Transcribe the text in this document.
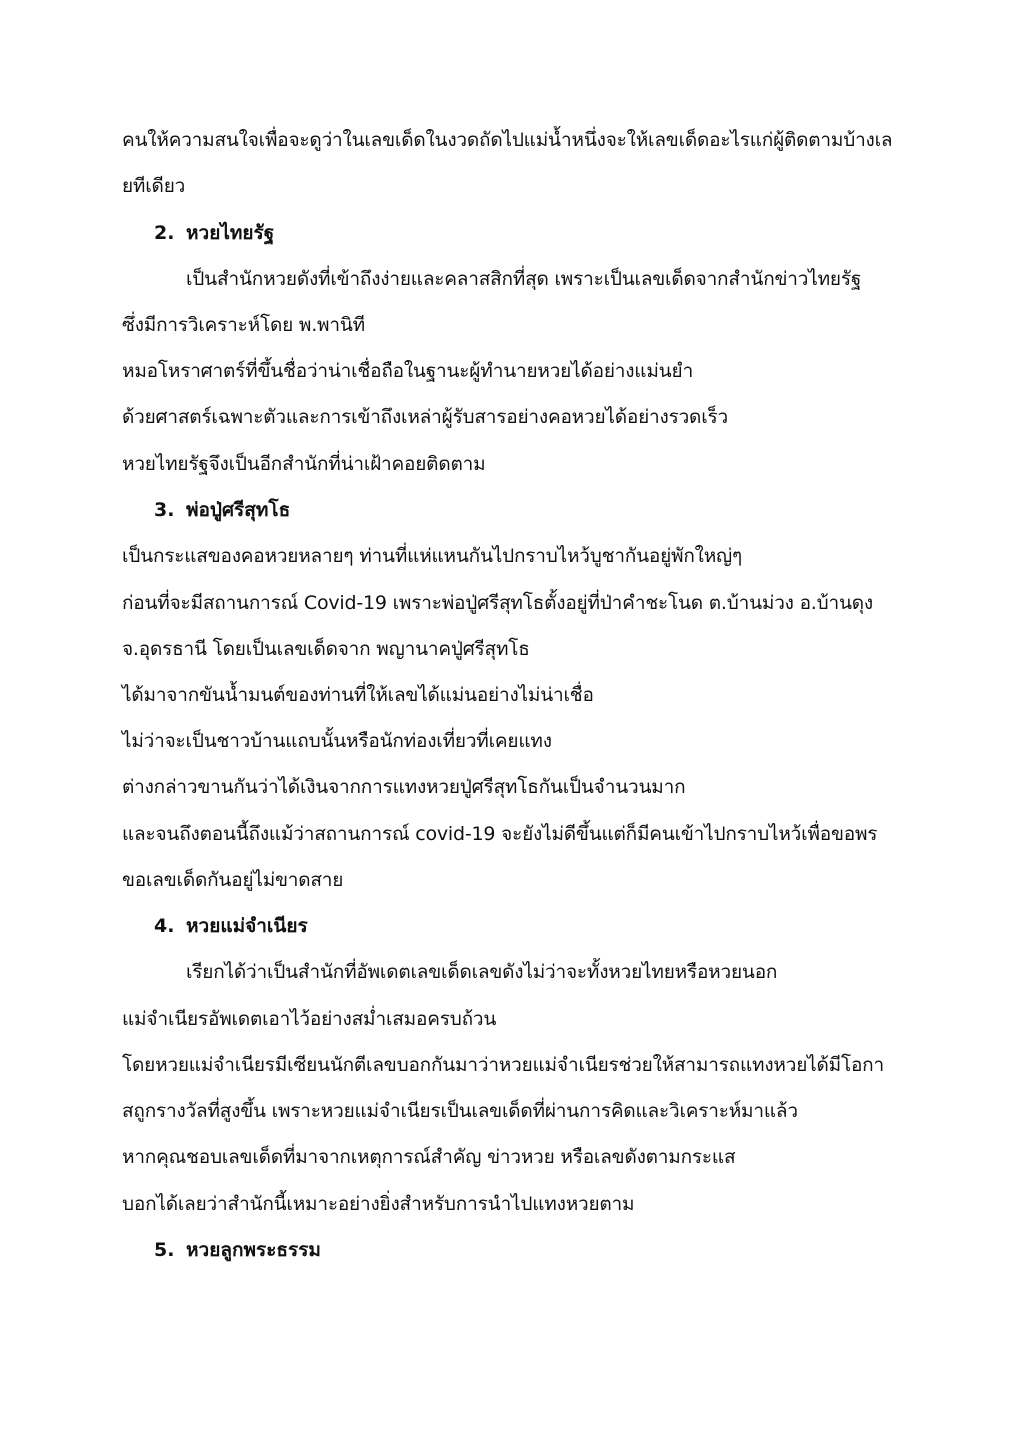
คนให้ความสนใจเพื่อจะดูว่าในเลขเด็ดในงวดถัดไปแม่น้ำหนึ่งจะให้เลขเด็ดอะไรแก่ผู้ติดตามบ้างเล
ยทีเดียว
2. หวยไทยรัฐ
เป็นสำนักหวยดังที่เข้าถึงง่ายและคลาสสิกที่สุด เพราะเป็นเลขเด็ดจากสำนักข่าวไทยรัฐ
ซึ่งมีการวิเคราะห์โดย พ.พานิที
หมอโหราศาตร์ที่ขึ้นชื่อว่าน่าเชื่อถือในฐานะผู้ทำนายหวยได้อย่างแม่นยำ
ด้วยศาสตร์เฉพาะตัวและการเข้าถึงเหล่าผู้รับสารอย่างคอหวยได้อย่างรวดเร็ว
หวยไทยรัฐจึงเป็นอีกสำนักที่น่าเฝ้าคอยติดตาม
3. พ่อปู่ศรีสุทโธ
เป็นกระแสของคอหวยหลายๆ ท่านที่แห่แหนกันไปกราบไหว้บูชากันอยู่พักใหญ่ๆ
ก่อนที่จะมีสถานการณ์ Covid-19 เพราะพ่อปู่ศรีสุทโธตั้งอยู่ที่ป่าคำชะโนด ต.บ้านม่วง อ.บ้านดุง
จ.อุดรธานี โดยเป็นเลขเด็ดจาก พญานาคปู่ศรีสุทโธ
ได้มาจากขันน้ำมนต์ของท่านที่ให้เลขได้แม่นอย่างไม่น่าเชื่อ
ไม่ว่าจะเป็นชาวบ้านแถบนั้นหรือนักท่องเที่ยวที่เคยแทง
ต่างกล่าวขานกันว่าได้เงินจากการแทงหวยปู่ศรีสุทโธกันเป็นจำนวนมาก
และจนถึงตอนนี้ถึงแม้ว่าสถานการณ์ covid-19 จะยังไม่ดีขึ้นแต่ก็มีคนเข้าไปกราบไหว้เพื่อขอพร
ขอเลขเด็ดกันอยู่ไม่ขาดสาย
4. หวยแม่จำเนียร
เรียกได้ว่าเป็นสำนักที่อัพเดตเลขเด็ดเลขดังไม่ว่าจะทั้งหวยไทยหรือหวยนอก
แม่จำเนียรอัพเดตเอาไว้อย่างสม่ำเสมอครบถ้วน
โดยหวยแม่จำเนียรมีเซียนนักตีเลขบอกกันมาว่าหวยแม่จำเนียรช่วยให้สามารถแทงหวยได้มีโอกา
สถูกรางวัลที่สูงขึ้น เพราะหวยแม่จำเนียรเป็นเลขเด็ดที่ผ่านการคิดและวิเคราะห์มาแล้ว
หากคุณชอบเลขเด็ดที่มาจากเหตุการณ์สำคัญ ข่าวหวย หรือเลขดังตามกระแส
บอกได้เลยว่าสำนักนี้เหมาะอย่างยิ่งสำหรับการนำไปแทงหวยตาม
5. หวยลูกพระธรรม
